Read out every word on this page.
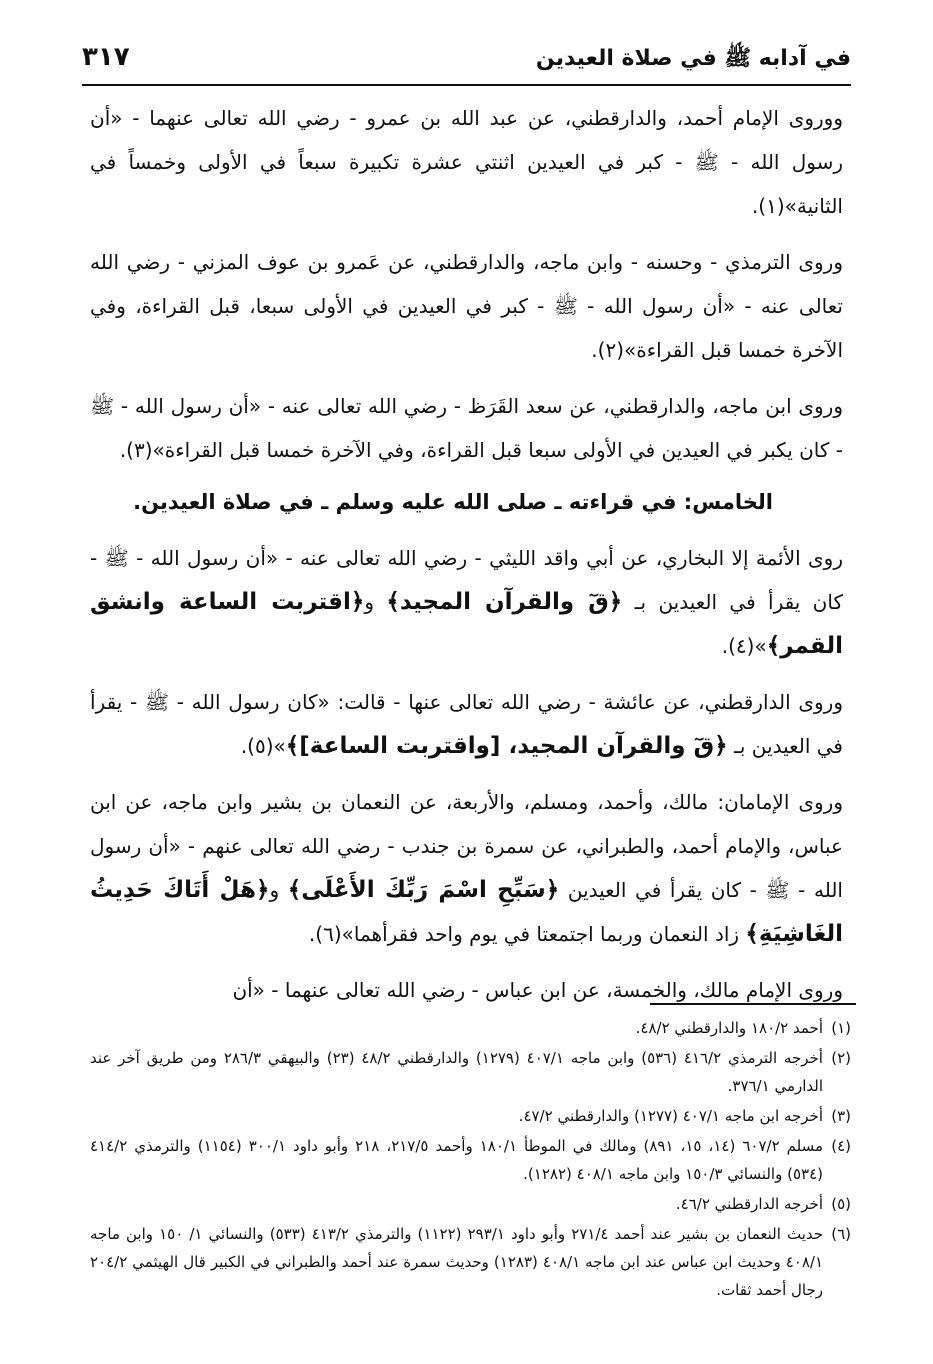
في آدابه ﷺ في صلاة العيدين
٣١٧

ووروى الإمام أحمد، والدارقطني، عن عبد الله بن عمرو - رضي الله تعالى عنهما - «أن رسول الله - ﷺ - كبر في العيدين اثنتي عشرة تكبيرة سبعاً في الأولى وخمساً في الثانية»(١).

وروى الترمذي - وحسنه - وابن ماجه، والدارقطني، عن عَمرو بن عوف المزني - رضي الله تعالى عنه - «أن رسول الله - ﷺ - كبر في العيدين في الأولى سبعا، قبل القراءة، وفي الآخرة خمسا قبل القراءة»(٢).

وروى ابن ماجه، والدارقطني، عن سعد القَرَظ - رضي الله تعالى عنه - «أن رسول الله - ﷺ - كان يكبر في العيدين في الأولى سبعا قبل القراءة، وفي الآخرة خمسا قبل القراءة»(٣).

الخامس: في قراءته ـ صلى الله عليه وسلم ـ في صلاة العيدين.

روى الأئمة إلا البخاري، عن أبي واقد الليثي - رضي الله تعالى عنه - «أن رسول الله - ﷺ - كان يقرأ في العيدين بـ ﴿قٓ والقرآن المجيد﴾ و﴿اقتربت الساعة وانشق القمر﴾»(٤).

وروى الدارقطني، عن عائشة - رضي الله تعالى عنها - قالت: «كان رسول الله - ﷺ - يقرأ في العيدين بـ ﴿قٓ والقرآن المجيد، [واقتربت الساعة]﴾»(٥).

وروى الإمامان: مالك، وأحمد، ومسلم، والأربعة، عن النعمان بن بشير وابن ماجه، عن ابن عباس، والإمام أحمد، والطبراني، عن سمرة بن جندب - رضي الله تعالى عنهم - «أن رسول الله - ﷺ - كان يقرأ في العيدين ﴿سَبِّحِ اسْمَ رَبِّكَ الأَعْلَى﴾ و﴿هَلْ أَتَاكَ حَدِيثُ الغَاشِيَةِ﴾ زاد النعمان وربما اجتمعتا في يوم واحد فقرأهما»(٦).

وروى الإمام مالك، والخمسة، عن ابن عباس - رضي الله تعالى عنهما - «أن

(١)
أحمد ١٨٠/٢ والدارقطني ٤٨/٢.
(٢)
أخرجه الترمذي ٤١٦/٢ (٥٣٦) وابن ماجه ٤٠٧/١ (١٢٧٩) والدارقطني ٤٨/٢ (٢٣) والبيهقي ٢٨٦/٣ ومن طريق آخر عند الدارمي ٣٧٦/١.
(٣)
أخرجه ابن ماجه ٤٠٧/١ (١٢٧٧) والدارقطني ٤٧/٢.
(٤)
مسلم ٦٠٧/٢ (١٤، ١٥، ٨٩١) ومالك في الموطأ ١٨٠/١ وأحمد ٢١٧/٥، ٢١٨ وأبو داود ٣٠٠/١ (١١٥٤) والترمذي ٤١٤/٢ (٥٣٤) والنسائي ١٥٠/٣ وابن ماجه ٤٠٨/١ (١٢٨٢).
(٥)
أخرجه الدارقطني ٤٦/٢.
(٦)
حديث النعمان بن بشير عند أحمد ٢٧١/٤ وأبو داود ٢٩٣/١ (١١٢٢) والترمذي ٤١٣/٢ (٥٣٣) والنسائي ١/ ١٥٠ وابن ماجه ٤٠٨/١ وحديث ابن عباس عند ابن ماجه ٤٠٨/١ (١٢٨٣) وحديث سمرة عند أحمد والطبراني في الكبير قال الهيثمي ٢٠٤/٢ رجال أحمد ثقات.
